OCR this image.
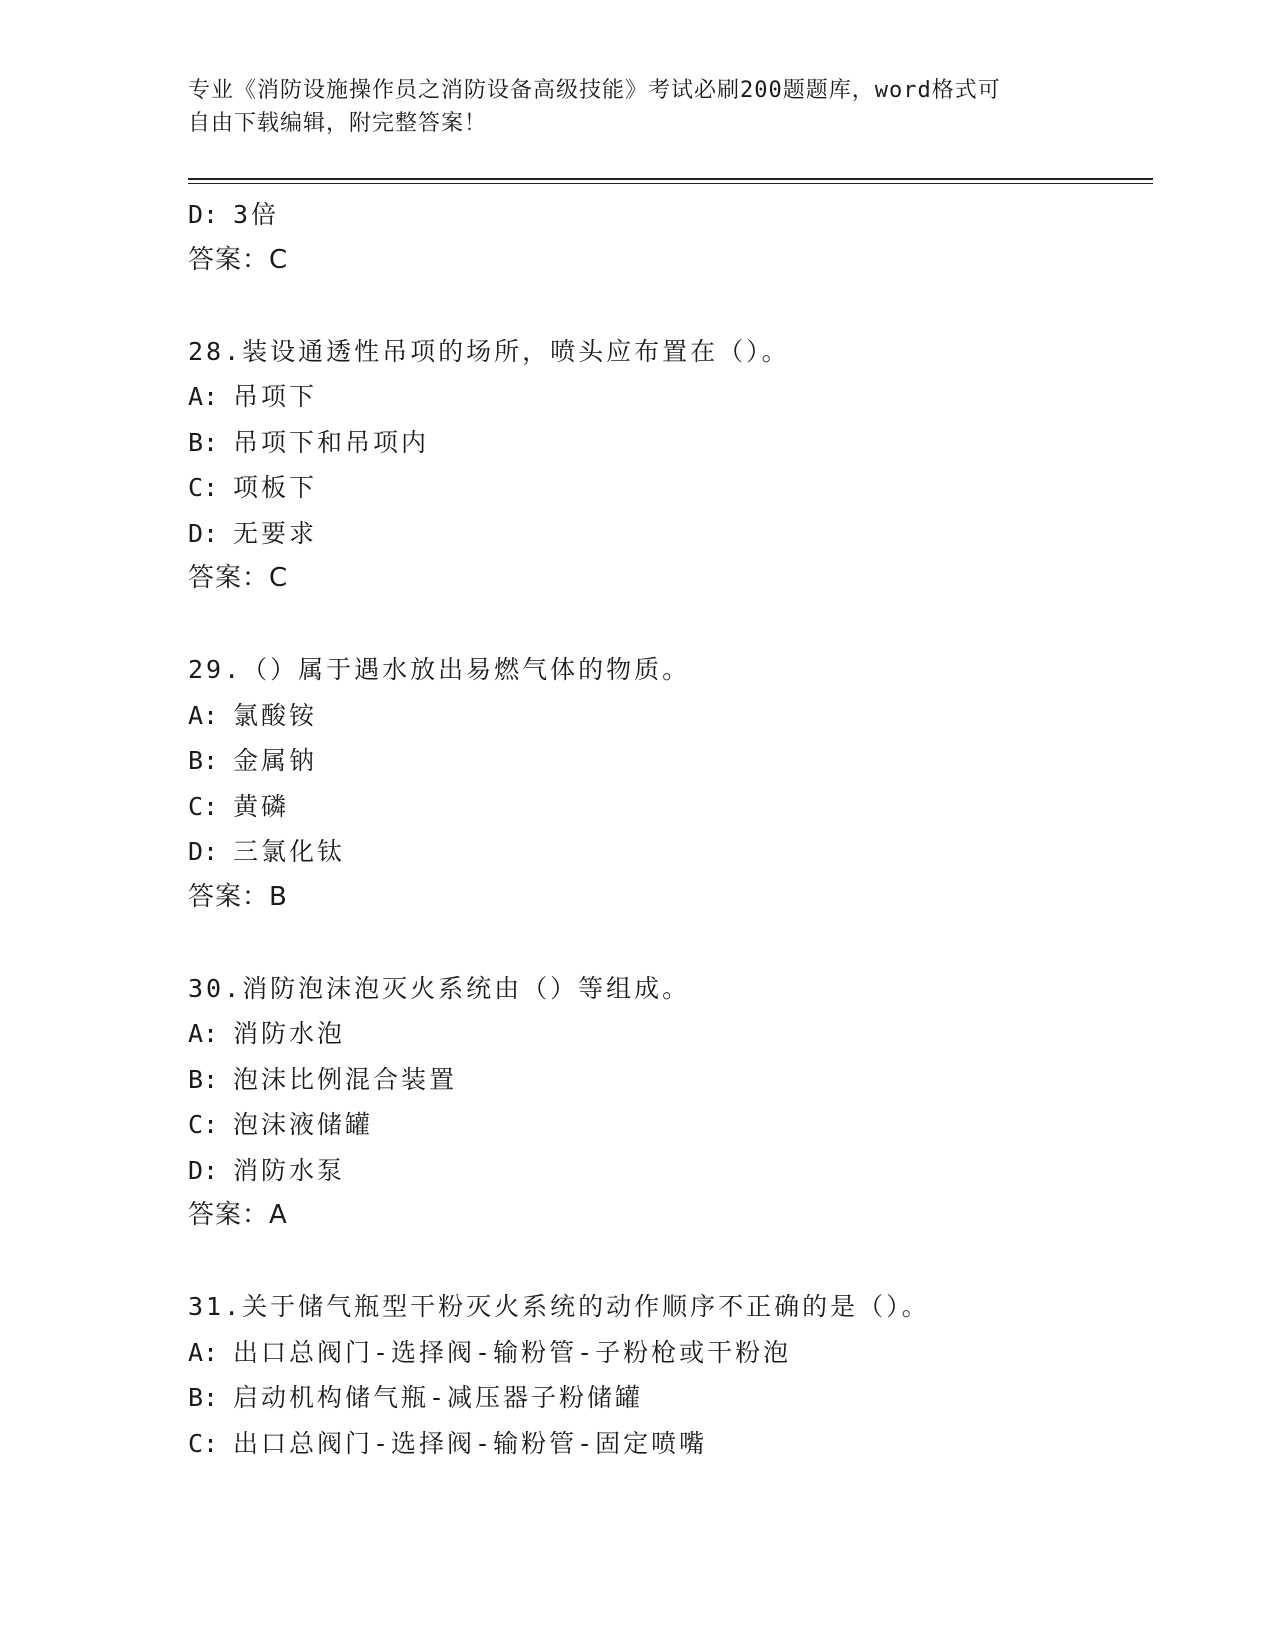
专业《消防设施操作员之消防设备高级技能》考试必刷200题题库，word格式可
自由下载编辑，附完整答案！
D: 3倍
答案：C
28.装设通透性吊项的场所，喷头应布置在（）。
A: 吊项下
B: 吊项下和吊项内
C: 项板下
D: 无要求
答案：C
29.（）属于遇水放出易燃气体的物质。
A: 氯酸铵
B: 金属钠
C: 黄磷
D: 三氯化钛
答案：B
30.消防泡沫泡灭火系统由（）等组成。
A: 消防水泡
B: 泡沫比例混合装置
C: 泡沫液储罐
D: 消防水泵
答案：A
31.关于储气瓶型干粉灭火系统的动作顺序不正确的是（）。
A: 出口总阀门-选择阀-输粉管-子粉枪或干粉泡
B: 启动机构储气瓶-减压器子粉储罐
C: 出口总阀门-选择阀-输粉管-固定喷嘴
